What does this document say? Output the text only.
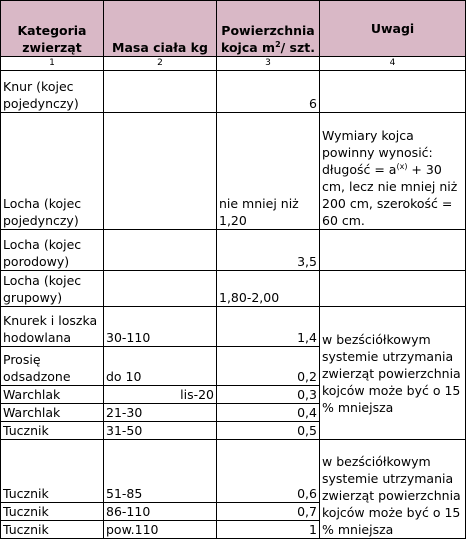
Kategoria zwierząt	Masa ciała kg	Powierzchnia kojca $m^2/$ szt.	Uwagi
1	2	3	4
Knur (kojec pojedynczy)		6	
Locha (kojec pojedynczy)		nie mniej niż 1,20	Wymiary kojca powinny wynosić: długość = $a^{(x)} + 30$ cm, lecz nie mniej niż 200 cm, szerokość = 60 cm.
Locha (kojec porodowy)		3,5	
Locha (kojec grupowy)		1,80-2,00	
Knurek i loszka hodowlana	30-110	1,4	w bezściółkowym systemie utrzymania zwierząt powierzchnia kojców może być o 15 % mniejsza
Prosię odsadzone	do 10	0,2	
Warchlak	lis-20	0,3	
Warchlak	21-30	0,4	
Tucznik	31-50	0,5	
Tucznik	51-85	0,6	w bezściółkowym systemie utrzymania zwierząt powierzchnia kojców może być o 15 % mniejsza
Tucznik	86-110	0,7	
Tucznik	pow.110	1	
